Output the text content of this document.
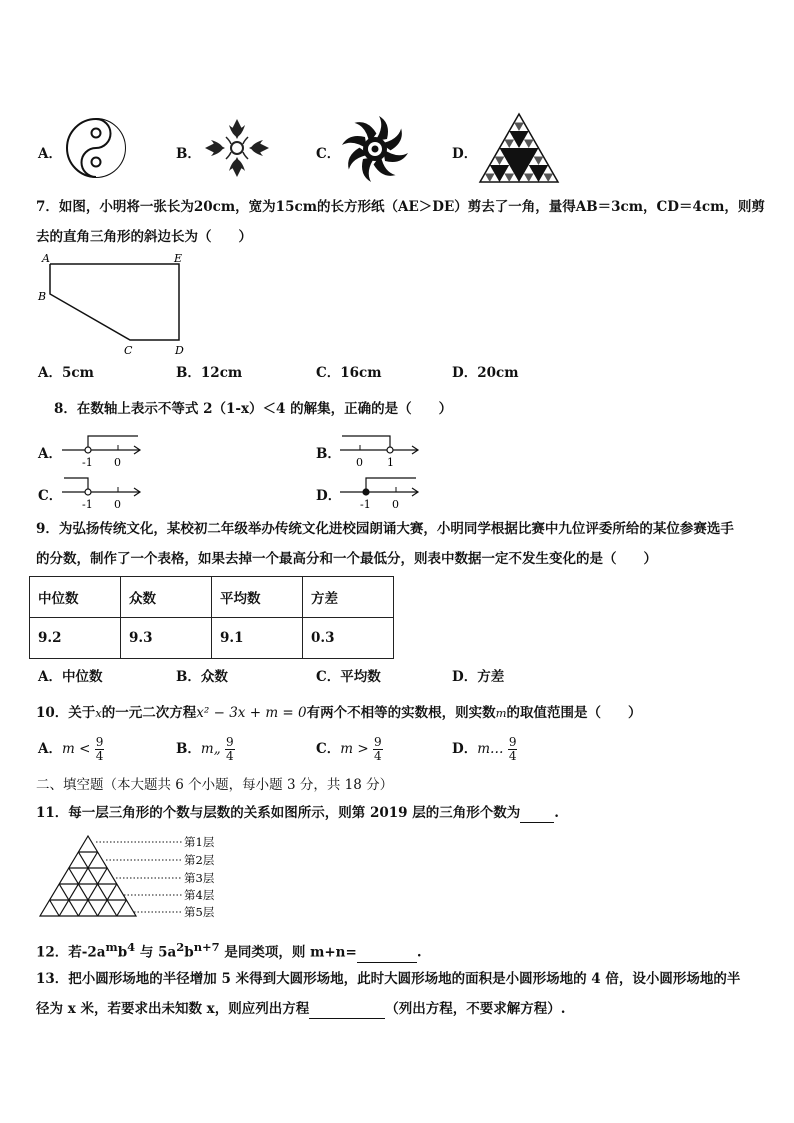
A．	B．	C．	D．
7．如图，小明将一张长为20cm，宽为15cm的长方形纸（AE＞DE）剪去了一角，量得AB＝3cm，CD＝4cm，则剪
去的直角三角形的斜边长为（　　）
A	E
B
C	D
A．5cm	B．12cm	C．16cm	D．20cm
8．在数轴上表示不等式 2（1-x）＜4 的解集，正确的是（　　）
A．
-1 0
B．
0 1
C．
-1 0
D．
-1 0
9．为弘扬传统文化，某校初二年级举办传统文化进校园朗诵大赛，小明同学根据比赛中九位评委所给的某位参赛选手
的分数，制作了一个表格，如果去掉一个最高分和一个最低分，则表中数据一定不发生变化的是（　　）
中位数	众数	平均数	方差
9.2	9.3	9.1	0.3
A．中位数	B．众数	C．平均数	D．方差
10．关于x的一元二次方程x² − 3x + m = 0有两个不相等的实数根，则实数m的取值范围是（　　）
A．$m < \frac{9}{4}$	B．m„ $\frac{9}{4}$	C．$m > \frac{9}{4}$	D．m… $\frac{9}{4}$
二、填空题（本大题共 6 个小题，每小题 3 分，共 18 分）
11．每一层三角形的个数与层数的关系如图所示，则第 2019 层的三角形个数为	.
第1层
第2层
第3层
第4层
第5层
12．若$-2a^mb^4$ 与 $5a^2b^{n+7}$ 是同类项，则 m+n=	.
13．把小圆形场地的半径增加 5 米得到大圆形场地，此时大圆形场地的面积是小圆形场地的 4 倍，设小圆形场地的半
径为 x 米，若要求出未知数 x，则应列出方程	（列出方程，不要求解方程）.
